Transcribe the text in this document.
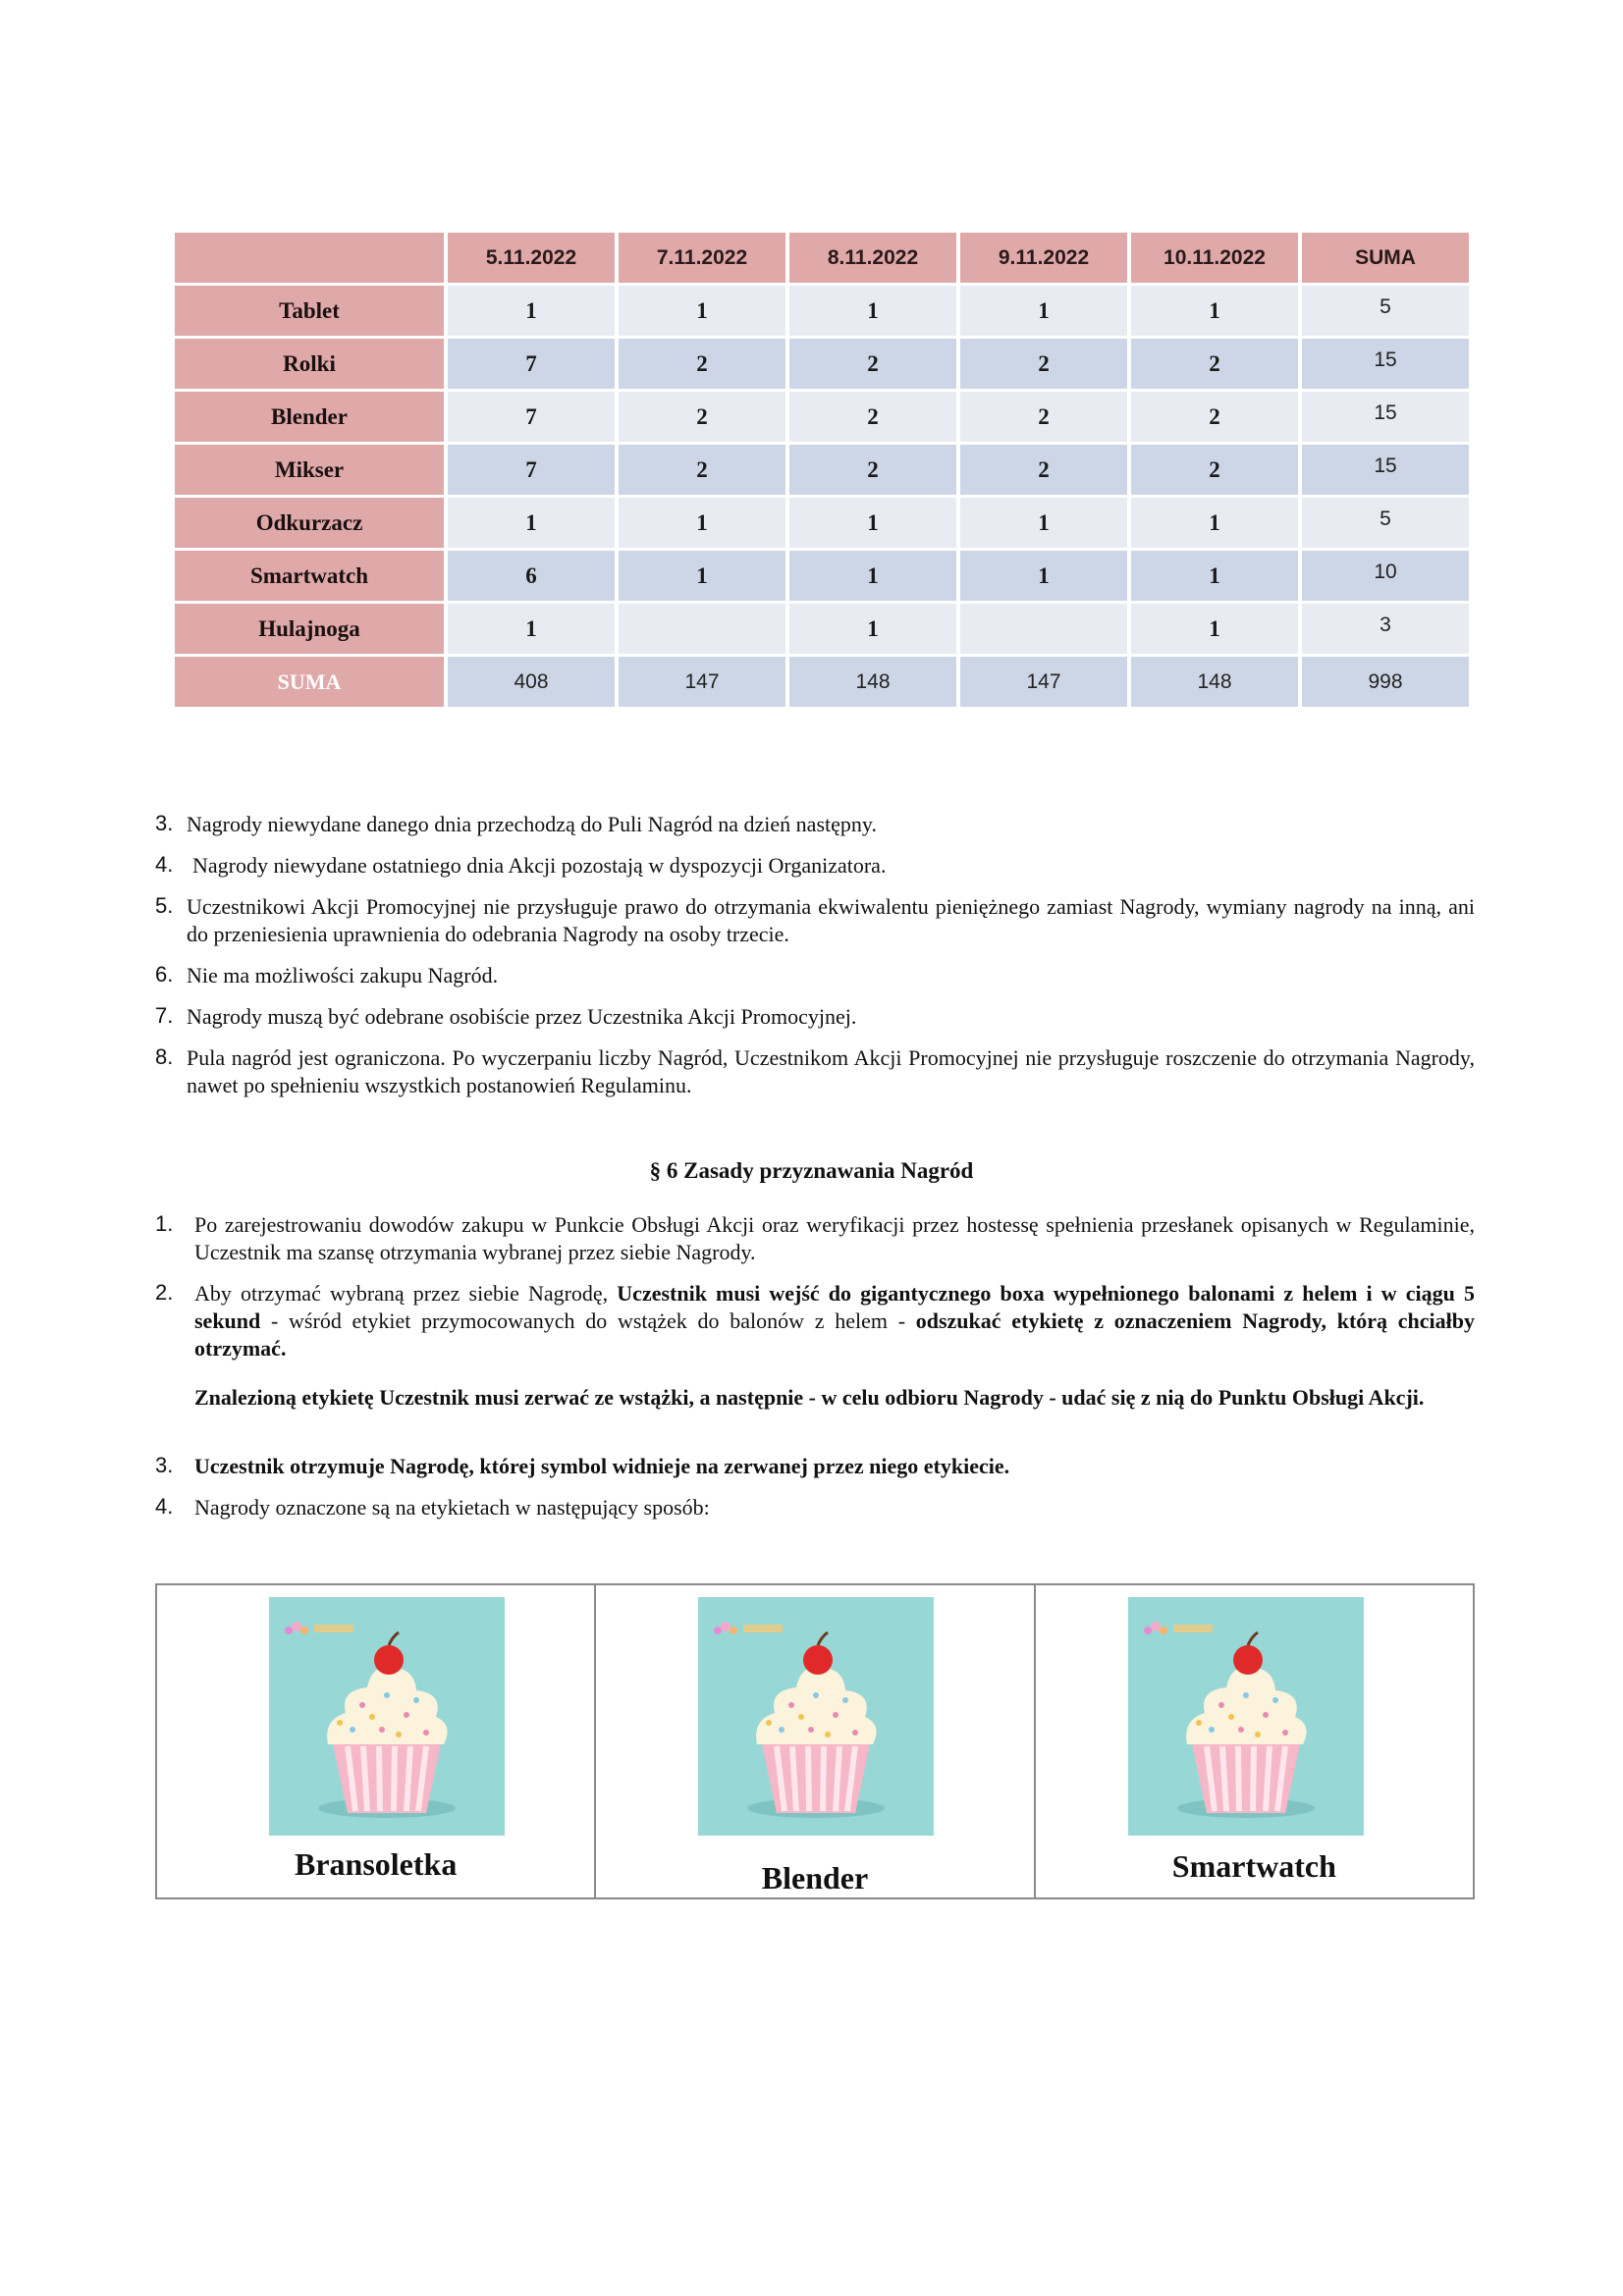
	5.11.2022	7.11.2022	8.11.2022	9.11.2022	10.11.2022	SUMA
Tablet	1	1	1	1	1	5
Rolki	7	2	2	2	2	15
Blender	7	2	2	2	2	15
Mikser	7	2	2	2	2	15
Odkurzacz	1	1	1	1	1	5
Smartwatch	6	1	1	1	1	10
Hulajnoga	1		1		1	3
SUMA	408	147	148	147	148	998
3. Nagrody niewydane danego dnia przechodzą do Puli Nagród na dzień następny.
4. Nagrody niewydane ostatniego dnia Akcji pozostają w dyspozycji Organizatora.
5. Uczestnikowi Akcji Promocyjnej nie przysługuje prawo do otrzymania ekwiwalentu pieniężnego zamiast Nagrody, wymiany nagrody na inną, ani do przeniesienia uprawnienia do odebrania Nagrody na osoby trzecie.
6. Nie ma możliwości zakupu Nagród.
7. Nagrody muszą być odebrane osobiście przez Uczestnika Akcji Promocyjnej.
8. Pula nagród jest ograniczona. Po wyczerpaniu liczby Nagród, Uczestnikom Akcji Promocyjnej nie przysługuje roszczenie do otrzymania Nagrody, nawet po spełnieniu wszystkich postanowień Regulaminu.
§ 6 Zasady przyznawania Nagród
1. Po zarejestrowaniu dowodów zakupu w Punkcie Obsługi Akcji oraz weryfikacji przez hostessę spełnienia przesłanek opisanych w Regulaminie, Uczestnik ma szansę otrzymania wybranej przez siebie Nagrody.
2. Aby otrzymać wybraną przez siebie Nagrodę, Uczestnik musi wejść do gigantycznego boxa wypełnionego balonami z helem i w ciągu 5 sekund - wśród etykiet przymocowanych do wstążek do balonów z helem - odszukać etykietę z oznaczeniem Nagrody, którą chciałby otrzymać.
Znalezioną etykietę Uczestnik musi zerwać ze wstążki, a następnie - w celu odbioru Nagrody - udać się z nią do Punktu Obsługi Akcji.
3. Uczestnik otrzymuje Nagrodę, której symbol widnieje na zerwanej przez niego etykiecie.
4. Nagrody oznaczone są na etykietach w następujący sposób:
Bransoletka	Blender	Smartwatch
